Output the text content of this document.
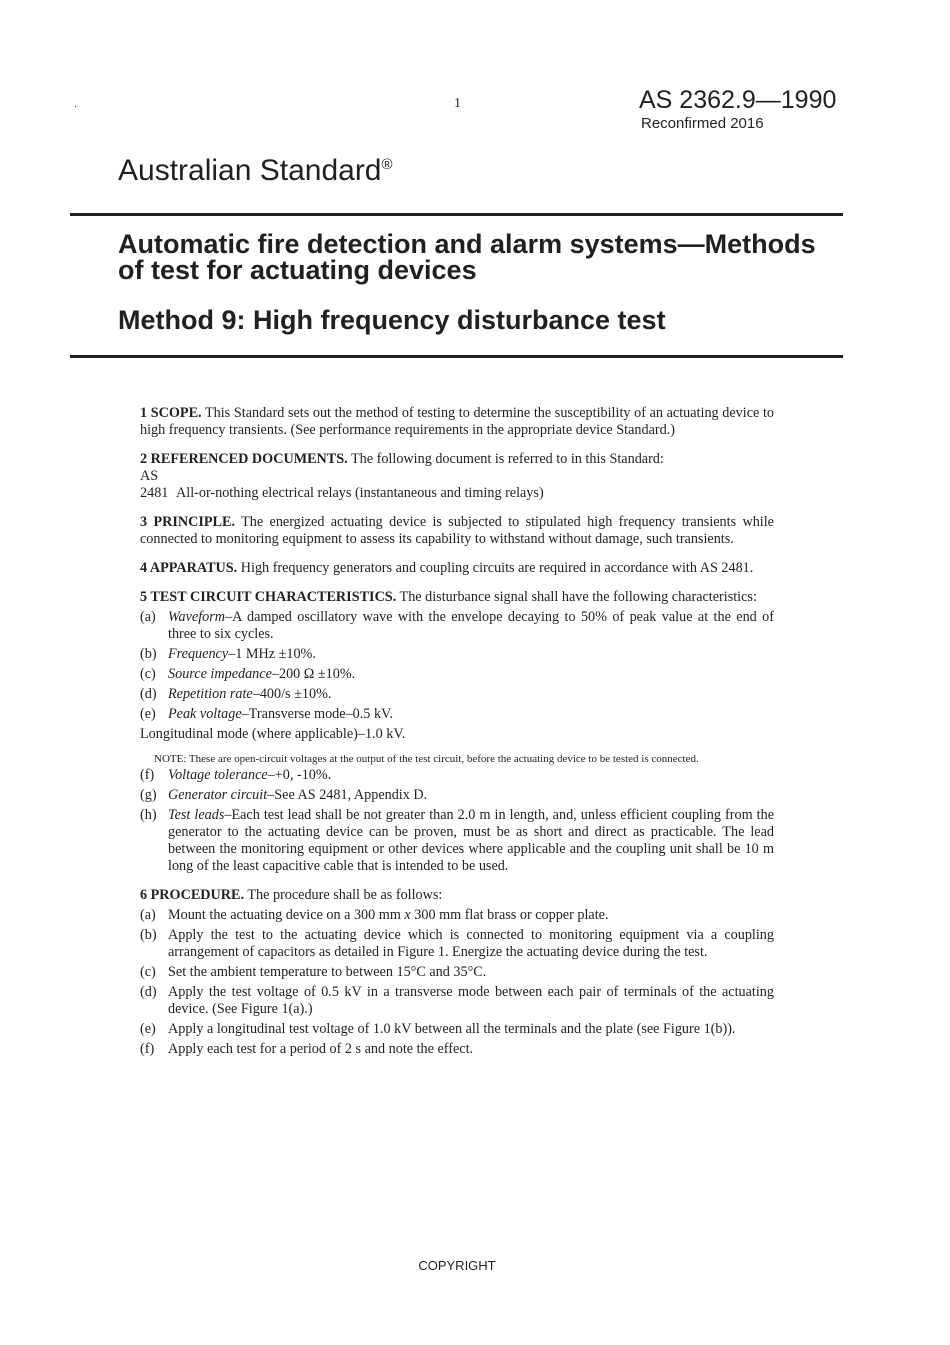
.	1	AS 2362.9—1990
Reconfirmed 2016
Australian Standard®
Automatic fire detection and alarm systems—Methods of test for actuating devices
Method 9: High frequency disturbance test

1 SCOPE. This Standard sets out the method of testing to determine the susceptibility of an actuating device to high frequency transients. (See performance requirements in the appropriate device Standard.)

2 REFERENCED DOCUMENTS. The following document is referred to in this Standard:

AS

2481 All-or-nothing electrical relays (instantaneous and timing relays)

3 PRINCIPLE. The energized actuating device is subjected to stipulated high frequency transients while connected to monitoring equipment to assess its capability to withstand without damage, such transients.

4 APPARATUS. High frequency generators and coupling circuits are required in accordance with AS 2481.

5 TEST CIRCUIT CHARACTERISTICS. The disturbance signal shall have the following characteristics:

(a) Waveform–A damped oscillatory wave with the envelope decaying to 50% of peak value at the end of three to six cycles.
(b) Frequency–1 MHz ±10%.
(c) Source impedance–200 Ω ±10%.
(d) Repetition rate–400/s ±10%.
(e) Peak voltage–Transverse mode–0.5 kV.

Longitudinal mode (where applicable)–1.0 kV.

NOTE: These are open-circuit voltages at the output of the test circuit, before the actuating device to be tested is connected.

(f) Voltage tolerance–+0, -10%.
(g) Generator circuit–See AS 2481, Appendix D.
(h) Test leads–Each test lead shall be not greater than 2.0 m in length, and, unless efficient coupling from the generator to the actuating device can be proven, must be as short and direct as practicable. The lead between the monitoring equipment or other devices where applicable and the coupling unit shall be 10 m long of the least capacitive cable that is intended to be used.

6 PROCEDURE. The procedure shall be as follows:

(a) Mount the actuating device on a 300 mm x 300 mm flat brass or copper plate.
(b) Apply the test to the actuating device which is connected to monitoring equipment via a coupling arrangement of capacitors as detailed in Figure 1. Energize the actuating device during the test.
(c) Set the ambient temperature to between 15°C and 35°C.
(d) Apply the test voltage of 0.5 kV in a transverse mode between each pair of terminals of the actuating device. (See Figure 1(a).)
(e) Apply a longitudinal test voltage of 1.0 kV between all the terminals and the plate (see Figure 1(b)).
(f) Apply each test for a period of 2 s and note the effect.
COPYRIGHT
